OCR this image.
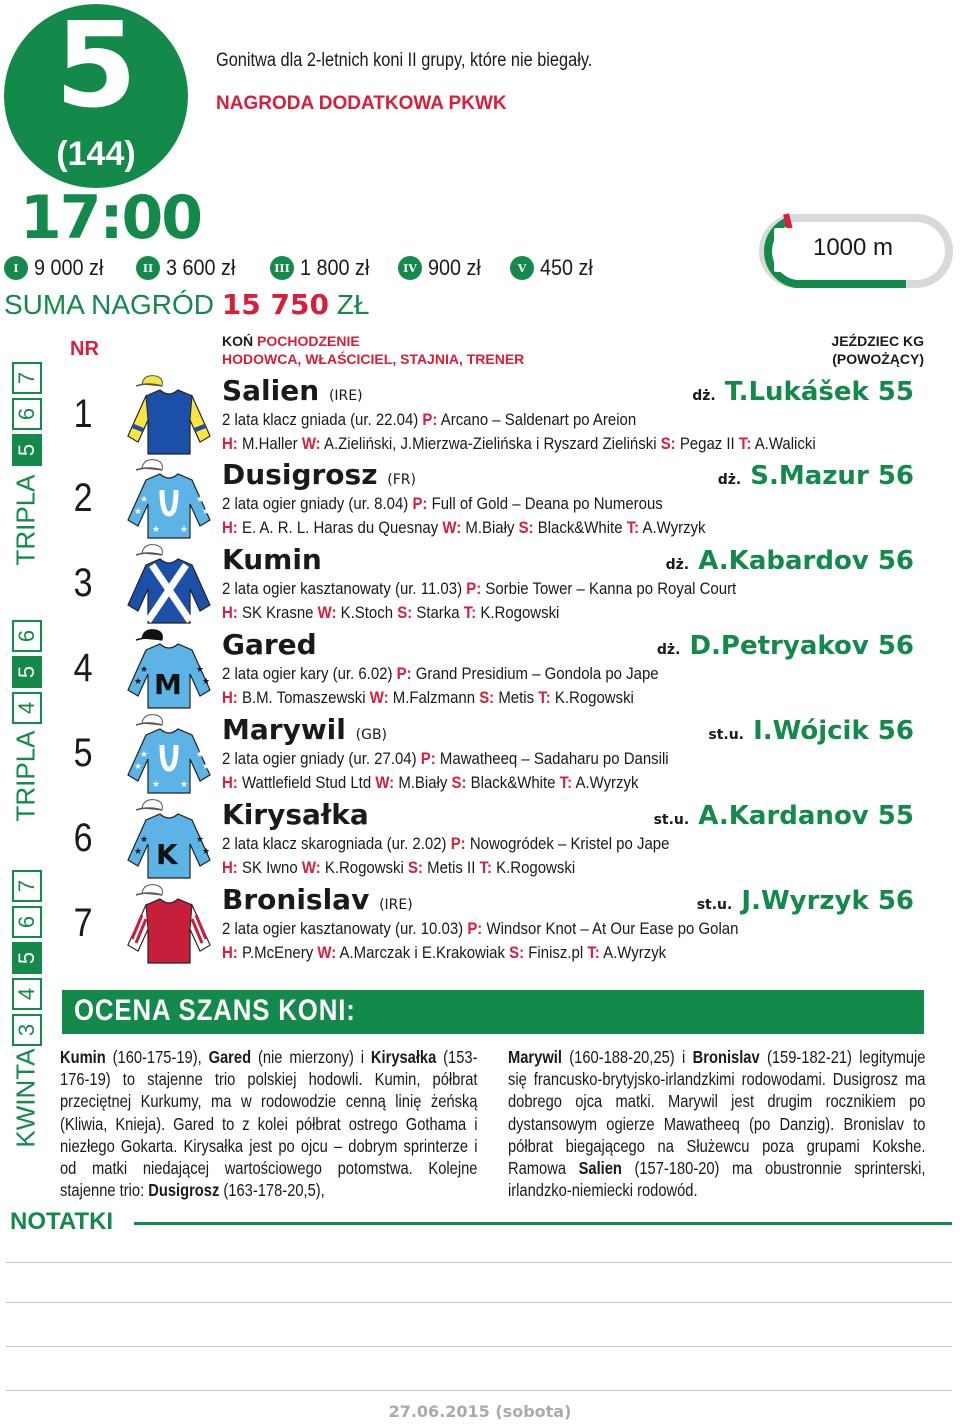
5
(144)
17:00
Gonitwa dla 2-letnich koni II grupy, które nie biegały.
NAGRODA DODATKOWA PKWK
I 9 000 zł	II 3 600 zł	III 1 800 zł	IV 900 zł	V 450 zł
SUMA NAGRÓD 15 750 ZŁ
1000 m
7
6
5
TRIPLA
6
5
4
TRIPLA
7
6
5
4
3
KWINTA
NR	KOŃ POCHODZENIE
HODOWCA, WŁAŚCICIEL, STAJNIA, TRENER
JEŹDZIEC KG
(POWOŻĄCY)
1
Salien (IRE)	dż. T.Lukášek 55
2 lata klacz gniada (ur. 22.04) P: Arcano – Saldenart po Areion
H: M.Haller W: A.Zieliński, J.Mierzwa-Zielińska i Ryszard Zieliński S: Pegaz II T: A.Walicki
2	★
★	★
★
★ ★
Dusigrosz (FR)	dż. S.Mazur 56
2 lata ogier gniady (ur. 8.04) P: Full of Gold – Deana po Numerous
H: E. A. R. L. Haras du Quesnay W: M.Biały S: Black&White T: A.Wyrzyk
3
Kumin	dż. A.Kabardov 56
2 lata ogier kasztanowaty (ur. 11.03) P: Sorbie Tower – Kanna po Royal Court
H: SK Krasne W: K.Stoch S: Starka T: K.Rogowski
4 M
★
★	★
★
Gared	dż. D.Petryakov 56
2 lata ogier kary (ur. 6.02) P: Grand Presidium – Gondola po Jape
H: B.M. Tomaszewski W: M.Falzmann S: Metis T: K.Rogowski
5	★
★	★
★
★ ★
Marywil (GB)	st.u. I.Wójcik 56
2 lata ogier gniady (ur. 27.04) P: Mawatheeq – Sadaharu po Dansili
H: Wattlefield Stud Ltd W: M.Biały S: Black&White T: A.Wyrzyk
6 K
★
★	★
★
Kirysałka	st.u. A.Kardanov 55
2 lata klacz skarogniada (ur. 2.02) P: Nowogródek – Kristel po Jape
H: SK Iwno W: K.Rogowski S: Metis II T: K.Rogowski
7
Bronislav (IRE)	st.u. J.Wyrzyk 56
2 lata ogier kasztanowaty (ur. 10.03) P: Windsor Knot – At Our Ease po Golan
H: P.McEnery W: A.Marczak i E.Krakowiak S: Finisz.pl T: A.Wyrzyk
OCENA SZANS KONI:
Kumin (160-175-19), Gared (nie mierzony) i Kirysałka (153-176-19) to stajenne trio polskiej hodowli. Kumin, półbrat przeciętnej Kurkumy, ma w rodowodzie cenną linię żeńską (Kliwia, Knieja). Gared to z kolei półbrat ostrego Gothama i niezłego Gokarta. Kirysałka jest po ojcu – dobrym sprinterze i od matki niedającej wartościowego potomstwa. Kolejne stajenne trio: Dusigrosz (163-178-20,5),
Marywil (160-188-20,25) i Bronislav (159-182-21) legitymuje się francusko-brytyjsko-irlandzkimi rodowodami. Dusigrosz ma dobrego ojca matki. Marywil jest drugim rocznikiem po dystansowym ogierze Mawatheeq (po Danzig). Bronislav to półbrat biegającego na Służewcu poza grupami Kokshe. Ramowa Salien (157-180-20) ma obustronnie sprinterski, irlandzko-niemiecki rodowód.
NOTATKI
27.06.2015 (sobota)
